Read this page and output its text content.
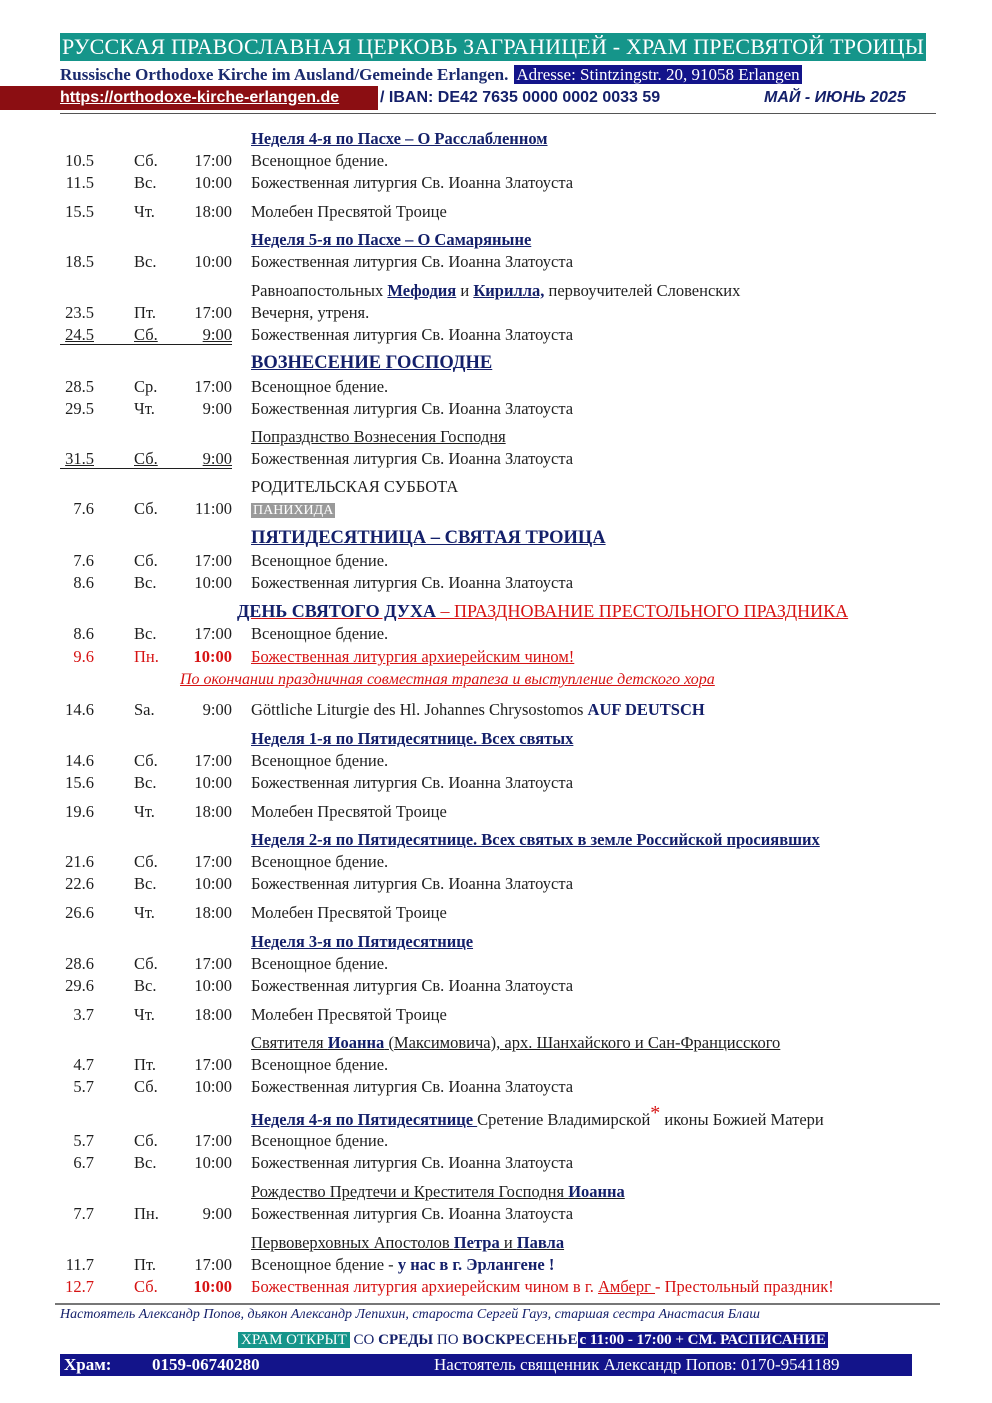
РУССКАЯ ПРАВОСЛАВНАЯ ЦЕРКОВЬ ЗАГРАНИЦЕЙ - ХРАМ ПРЕСВЯТОЙ ТРОИЦЫ
Russische Orthodoxe Kirche im Ausland/Gemeinde Erlangen. Adresse: Stintzingstr. 20, 91058 Erlangen
https://orthodoxe-kirche-erlangen.de	/ IBAN: DE42 7635 0000 0002 0033 59	МАЙ - ИЮНЬ 2025
Неделя 4-я по Пасхе – О Расслабленном
10.5 Сб. 17:00 Всенощное бдение.
11.5 Вс. 10:00 Божественная литургия Св. Иоанна Златоуста
15.5 Чт. 18:00 Молебен Пресвятой Троице
Неделя 5-я по Пасхе – О Самаряныне
18.5 Вс. 10:00 Божественная литургия Св. Иоанна Златоуста
Равноапостольных Мефодия и Кирилла, первоучителей Словенских
23.5 Пт. 17:00 Вечерня, утреня.
24.5 Сб.	9:00 Божественная литургия Св. Иоанна Златоуста
ВОЗНЕСЕНИЕ ГОСПОДНЕ
28.5 Ср. 17:00 Всенощное бдение.
29.5 Чт.	9:00 Божественная литургия Св. Иоанна Златоуста
Попразднство Вознесения Господня
31.5 Сб.	9:00 Божественная литургия Св. Иоанна Златоуста
РОДИТЕЛЬСКАЯ СУББОТА
7.6 Сб. 11:00 ПАНИХИДА
ПЯТИДЕСЯТНИЦА – СВЯТАЯ ТРОИЦА
7.6 Сб. 17:00 Всенощное бдение.
8.6 Вс. 10:00 Божественная литургия Св. Иоанна Златоуста
ДЕНЬ СВЯТОГО ДУХА – ПРАЗДНОВАНИЕ ПРЕСТОЛЬНОГО ПРАЗДНИКА
8.6 Вс. 17:00 Всенощное бдение.
9.6 Пн. 10:00 Божественная литургия архиерейским чином!
По окончании праздничная совместная трапеза и выступление детского хора
14.6 Sa.	9:00 Göttliche Liturgie des Hl. Johannes Chrysostomos AUF DEUTSCH
Неделя 1-я по Пятидесятнице. Всех святых
14.6 Сб. 17:00 Всенощное бдение.
15.6 Вс. 10:00 Божественная литургия Св. Иоанна Златоуста
19.6 Чт. 18:00 Молебен Пресвятой Троице
Неделя 2-я по Пятидесятнице. Всех святых в земле Российской просиявших
21.6 Сб. 17:00 Всенощное бдение.
22.6 Вс. 10:00 Божественная литургия Св. Иоанна Златоуста
26.6 Чт. 18:00 Молебен Пресвятой Троице
Неделя 3-я по Пятидесятнице
28.6 Сб. 17:00 Всенощное бдение.
29.6 Вс. 10:00 Божественная литургия Св. Иоанна Златоуста
3.7 Чт. 18:00 Молебен Пресвятой Троице
Святителя Иоанна (Максимовича), арх. Шанхайского и Сан-Франциcского
4.7 Пт. 17:00 Всенощное бдение.
5.7 Сб. 10:00 Божественная литургия Св. Иоанна Златоуста
Неделя 4-я по Пятидесятнице Сретение Владимирской* иконы Божией Матери
5.7 Сб. 17:00 Всенощное бдение.
6.7 Вс. 10:00 Божественная литургия Св. Иоанна Златоуста
Рождество Предтечи и Крестителя Господня Иоанна
7.7 Пн.	9:00 Божественная литургия Св. Иоанна Златоуста
Первоверховных Апостолов Петра и Павла
11.7 Пт. 17:00 Всенощное бдение - у нас в г. Эрлангене !
12.7 Сб. 10:00 Божественная литургия архиерейским чином в г. Амберг - Престольный праздник!
Настоятель Александр Попов, дьякон Александр Лепихин, староста Сергей Гауз, старшая сестра Анастасия Блаш
ХРАМ ОТКРЫТ СО СРЕДЫ ПО ВОСКРЕСЕНЬЕ с 11:00 - 17:00 + СМ. РАСПИСАНИЕ
Храм: 0159-06740280	Настоятель священник Александр Попов: 0170-9541189
